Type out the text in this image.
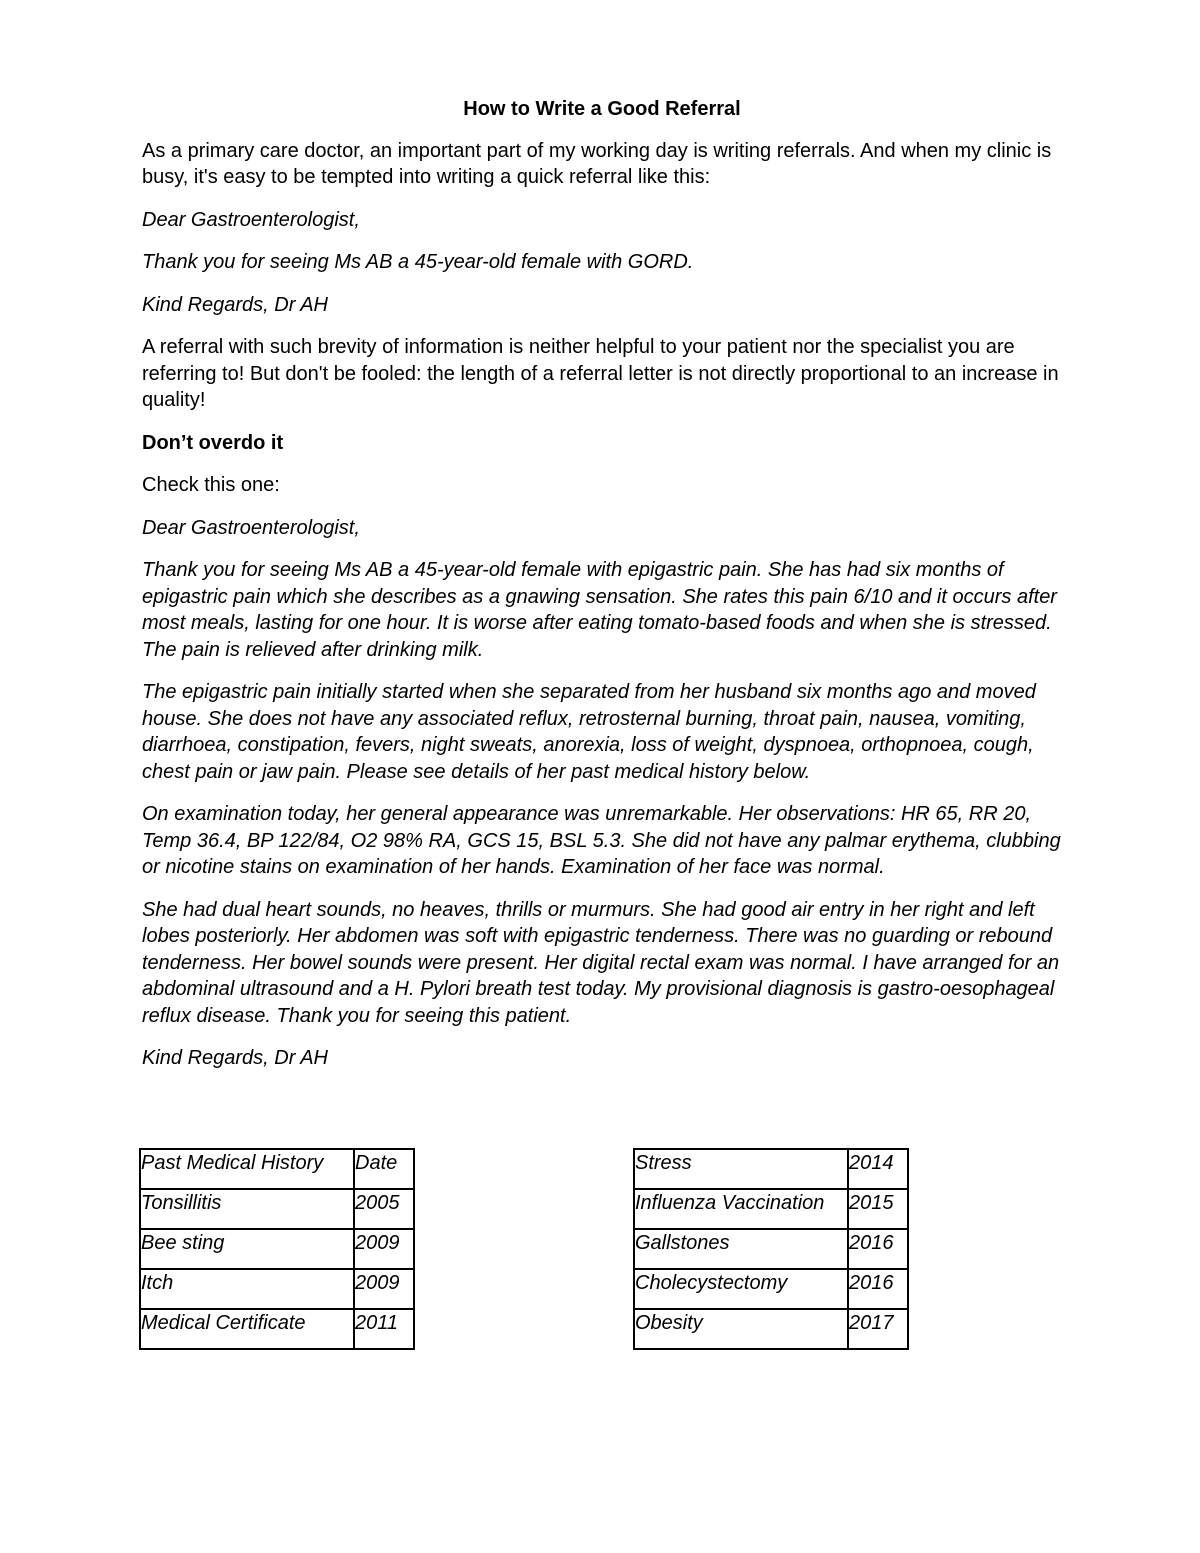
How to Write a Good Referral

As a primary care doctor, an important part of my working day is writing referrals. And when my clinic is busy, it's easy to be tempted into writing a quick referral like this:

Dear Gastroenterologist,

Thank you for seeing Ms AB a 45-year-old female with GORD.

Kind Regards, Dr AH

A referral with such brevity of information is neither helpful to your patient nor the specialist you are referring to! But don't be fooled: the length of a referral letter is not directly proportional to an increase in quality!

Don’t overdo it

Check this one:

Dear Gastroenterologist,

Thank you for seeing Ms AB a 45-year-old female with epigastric pain. She has had six months of epigastric pain which she describes as a gnawing sensation. She rates this pain 6/10 and it occurs after most meals, lasting for one hour. It is worse after eating tomato-based foods and when she is stressed. The pain is relieved after drinking milk.

The epigastric pain initially started when she separated from her husband six months ago and moved house. She does not have any associated reflux, retrosternal burning, throat pain, nausea, vomiting, diarrhoea, constipation, fevers, night sweats, anorexia, loss of weight, dyspnoea, orthopnoea, cough, chest pain or jaw pain. Please see details of her past medical history below.

On examination today, her general appearance was unremarkable. Her observations: HR 65, RR 20, Temp 36.4, BP 122/84, O2 98% RA, GCS 15, BSL 5.3. She did not have any palmar erythema, clubbing or nicotine stains on examination of her hands. Examination of her face was normal.

She had dual heart sounds, no heaves, thrills or murmurs. She had good air entry in her right and left lobes posteriorly. Her abdomen was soft with epigastric tenderness. There was no guarding or rebound tenderness. Her bowel sounds were present. Her digital rectal exam was normal. I have arranged for an abdominal ultrasound and a H. Pylori breath test today. My provisional diagnosis is gastro-oesophageal reflux disease. Thank you for seeing this patient.

Kind Regards, Dr AH

Past Medical History	Date
Tonsillitis	2005
Bee sting	2009
Itch	2009
Medical Certificate	2011
Stress	2014
Influenza Vaccination	2015
Gallstones	2016
Cholecystectomy	2016
Obesity	2017
